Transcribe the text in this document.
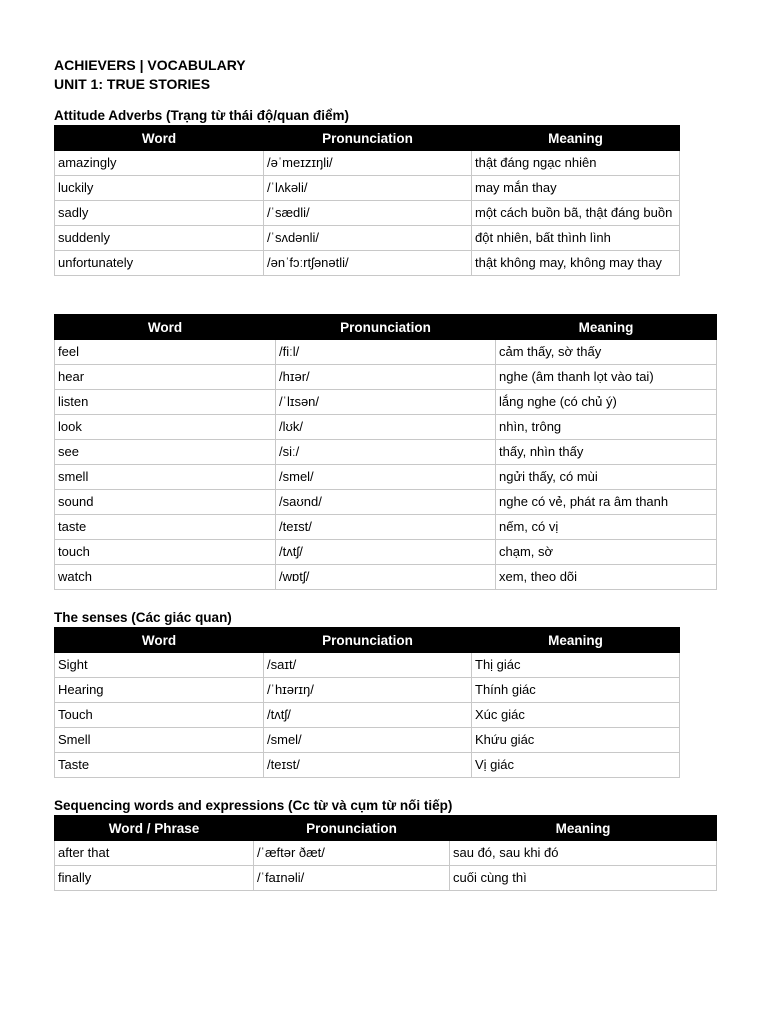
ACHIEVERS | VOCABULARY

UNIT 1: TRUE STORIES

Attitude Adverbs (Trạng từ thái độ/quan điểm)

Word	Pronunciation	Meaning
amazingly	/əˈmeɪzɪŋli/	thật đáng ngạc nhiên
luckily	/ˈlʌkəli/	may mắn thay
sadly	/ˈsædli/	một cách buồn bã, thật đáng buồn
suddenly	/ˈsʌdənli/	đột nhiên, bất thình lình
unfortunately	/ənˈfɔːrtʃənətli/	thật không may, không may thay
Word	Pronunciation	Meaning
feel	/fiːl/	cảm thấy, sờ thấy
hear	/hɪər/	nghe (âm thanh lọt vào tai)
listen	/ˈlɪsən/	lắng nghe (có chủ ý)
look	/lʊk/	nhìn, trông
see	/siː/	thấy, nhìn thấy
smell	/smel/	ngửi thấy, có mùi
sound	/saʊnd/	nghe có vẻ, phát ra âm thanh
taste	/teɪst/	nếm, có vị
touch	/tʌtʃ/	chạm, sờ
watch	/wɒtʃ/	xem, theo dõi

The senses (Các giác quan)

Word	Pronunciation	Meaning
Sight	/saɪt/	Thị giác
Hearing	/ˈhɪərɪŋ/	Thính giác
Touch	/tʌtʃ/	Xúc giác
Smell	/smel/	Khứu giác
Taste	/teɪst/	Vị giác

Sequencing words and expressions (Cc từ và cụm từ nối tiếp)

Word / Phrase	Pronunciation	Meaning
after that	/ˈæftər ðæt/	sau đó, sau khi đó
finally	/ˈfaɪnəli/	cuối cùng thì
